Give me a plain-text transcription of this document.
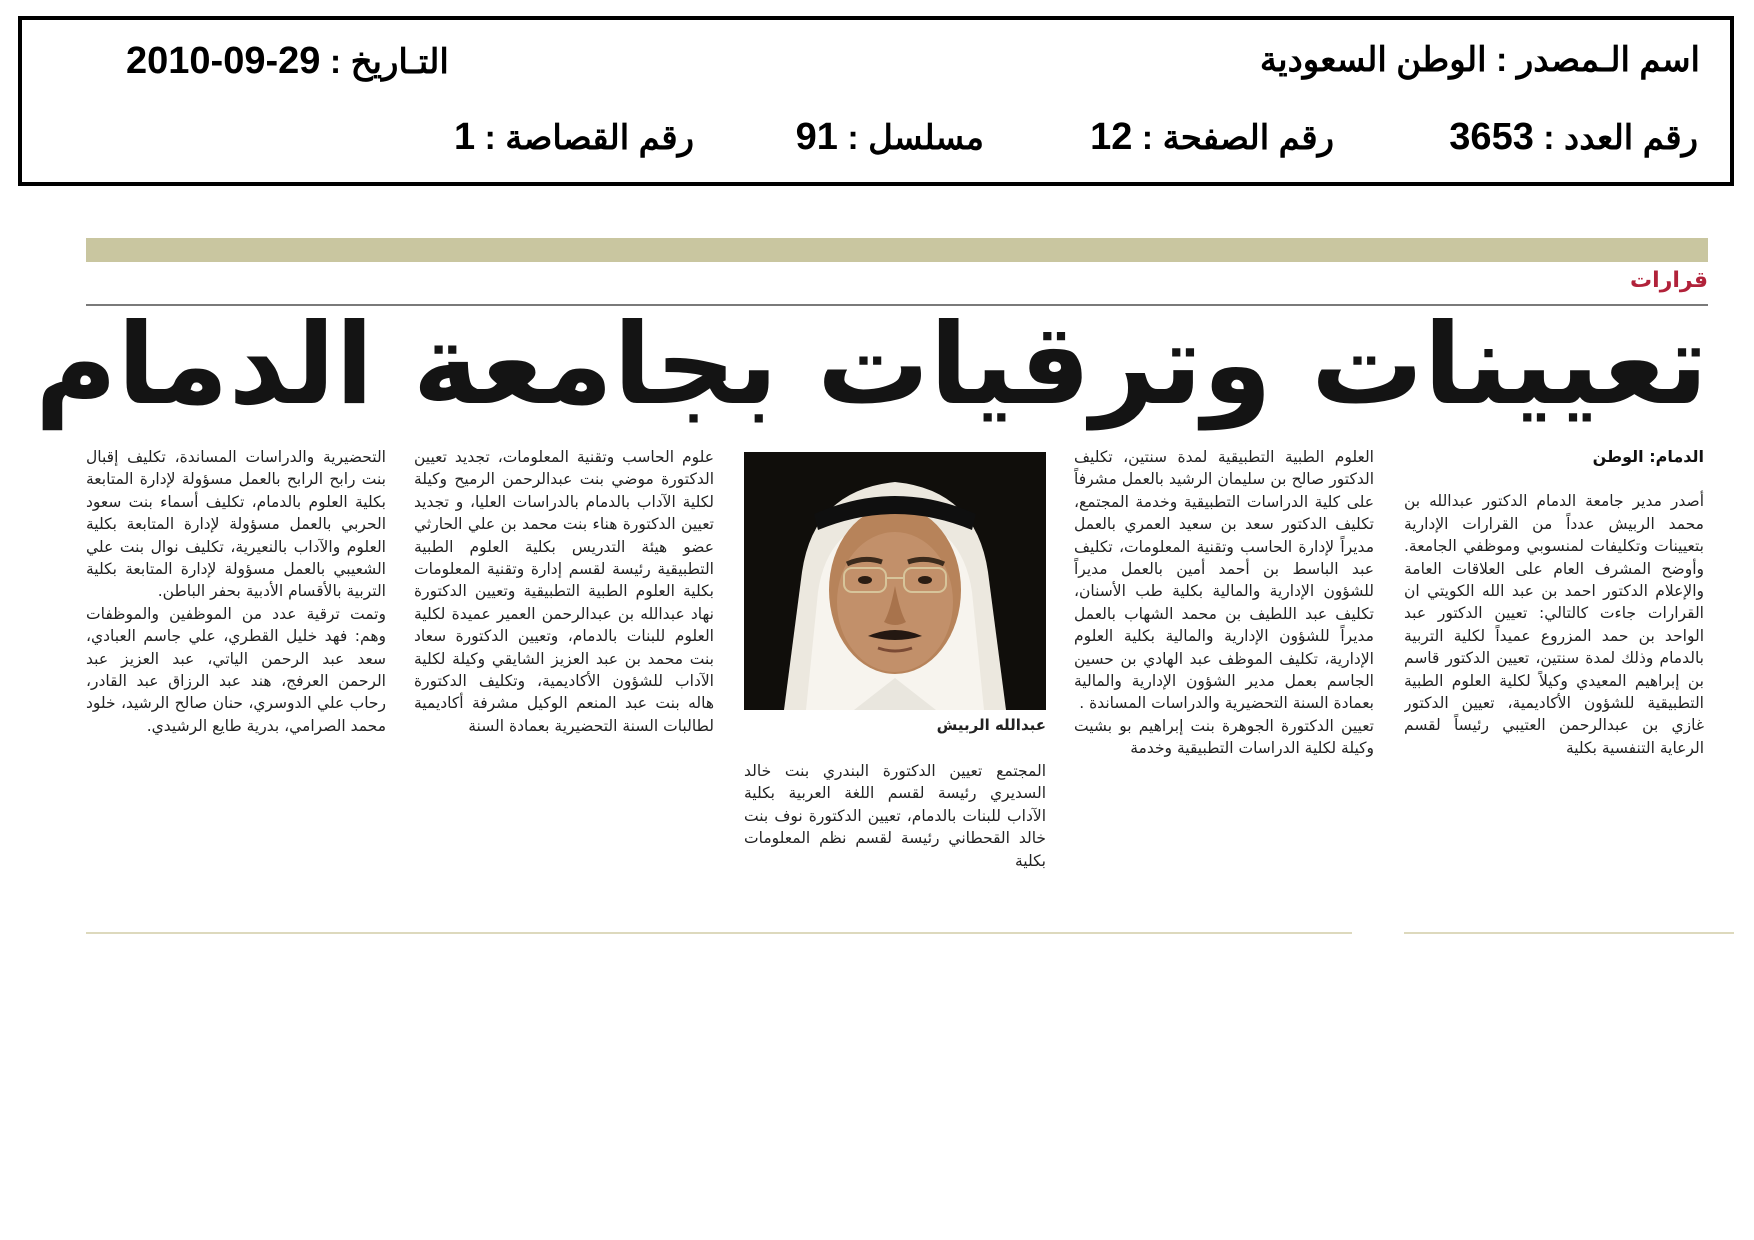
اسم الـمصدر : الوطن السعودية
التـاريخ : 2010-09-29
رقم العدد : 3653
رقم الصفحة : 12
مسلسل : 91
رقم القصاصة : 1
قرارات
تعيينات وترقيات بجامعة الدمام
الدمام: الوطن
أصدر مدير جامعة الدمام الدكتور عبدالله بن محمد الربيش عدداً من القرارات الإدارية بتعيينات وتكليفات لمنسوبي وموظفي الجامعة. وأوضح المشرف العام على العلاقات العامة والإعلام الدكتور احمد بن عبد الله الكويتي ان القرارات جاءت كالتالي: تعيين الدكتور عبد الواحد بن حمد المزروع عميداً لكلية التربية بالدمام وذلك لمدة سنتين، تعيين الدكتور قاسم بن إبراهيم المعيدي وكيلاً لكلية العلوم الطبية التطبيقية للشؤون الأكاديمية، تعيين الدكتور غازي بن عبدالرحمن العتيبي رئيساً لقسم الرعاية التنفسية بكلية
العلوم الطبية التطبيقية لمدة سنتين، تكليف الدكتور صالح بن سليمان الرشيد بالعمل مشرفاً على كلية الدراسات التطبيقية وخدمة المجتمع، تكليف الدكتور سعد بن سعيد العمري بالعمل مديراً لإدارة الحاسب وتقنية المعلومات، تكليف عبد الباسط بن أحمد أمين بالعمل مديراً للشؤون الإدارية والمالية بكلية طب الأسنان، تكليف عبد اللطيف بن محمد الشهاب بالعمل مديراً للشؤون الإدارية والمالية بكلية العلوم الإدارية، تكليف الموظف عبد الهادي بن حسين الجاسم بعمل مدير الشؤون الإدارية والمالية بعمادة السنة التحضيرية والدراسات المساندة .
تعيين الدكتورة الجوهرة بنت إبراهيم بو بشيت وكيلة لكلية الدراسات التطبيقية وخدمة
عبدالله الربيش
المجتمع تعيين الدكتورة البندري بنت خالد السديري رئيسة لقسم اللغة العربية بكلية الآداب للبنات بالدمام، تعيين الدكتورة نوف بنت خالد القحطاني رئيسة لقسم نظم المعلومات بكلية
علوم الحاسب وتقنية المعلومات، تجديد تعيين الدكتورة موضي بنت عبدالرحمن الرميح وكيلة لكلية الآداب بالدمام بالدراسات العليا، و تجديد تعيين الدكتورة هناء بنت محمد بن علي الحارثي عضو هيئة التدريس بكلية العلوم الطبية التطبيقية رئيسة لقسم إدارة وتقنية المعلومات بكلية العلوم الطبية التطبيقية وتعيين الدكتورة نهاد عبدالله بن عبدالرحمن العمير عميدة لكلية العلوم للبنات بالدمام، وتعيين الدكتورة سعاد بنت محمد بن عبد العزيز الشايقي وكيلة لكلية الآداب للشؤون الأكاديمية، وتكليف الدكتورة هاله بنت عبد المنعم الوكيل مشرفة أكاديمية لطالبات السنة التحضيرية بعمادة السنة
التحضيرية والدراسات المساندة، تكليف إقبال بنت رابح الرابح بالعمل مسؤولة لإدارة المتابعة بكلية العلوم بالدمام، تكليف أسماء بنت سعود الحربي بالعمل مسؤولة لإدارة المتابعة بكلية العلوم والآداب بالنعيرية، تكليف نوال بنت علي الشعيبي بالعمل مسؤولة لإدارة المتابعة بكلية التربية بالأقسام الأدبية بحفر الباطن.
وتمت ترقية عدد من الموظفين والموظفات وهم: فهد خليل القطري، علي جاسم العبادي، سعد عبد الرحمن الياتي، عبد العزيز عبد الرحمن العرفج، هند عبد الرزاق عبد القادر، رحاب علي الدوسري، حنان صالح الرشيد، خلود محمد الصرامي، بدرية طايع الرشيدي.
